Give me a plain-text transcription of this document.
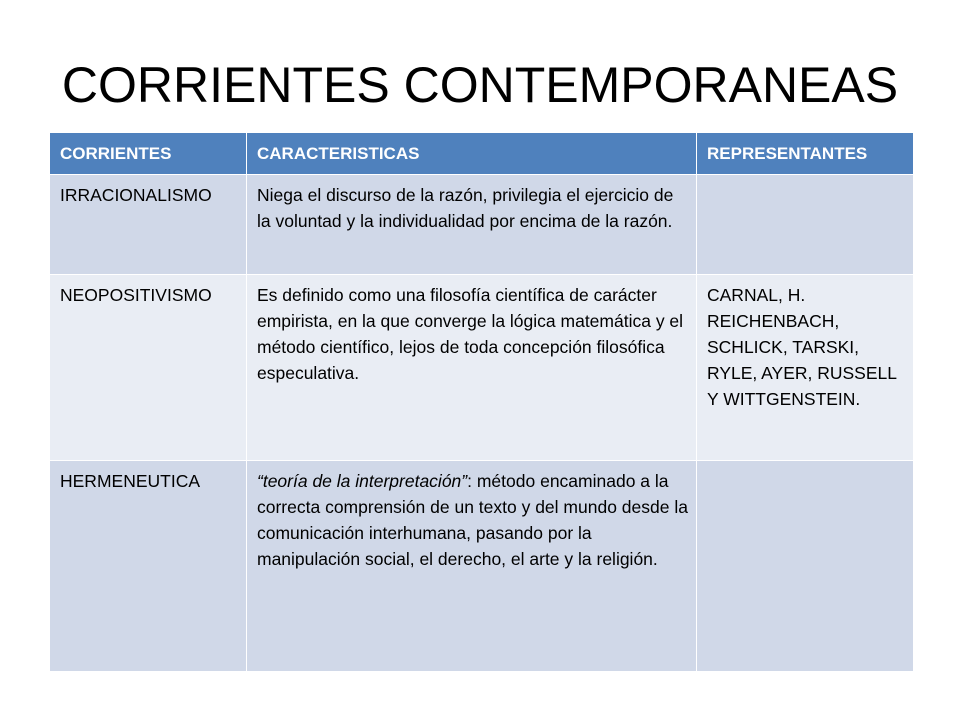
CORRIENTES CONTEMPORANEAS
CORRIENTES	CARACTERISTICAS	REPRESENTANTES
IRRACIONALISMO	Niega el discurso de la razón, privilegia el ejercicio de la voluntad y la individualidad por encima de la razón.	
NEOPOSITIVISMO	Es definido como una filosofía científica de carácter empirista, en la que converge la lógica matemática y el método científico, lejos de toda concepción filosófica especulativa.	CARNAL, H. REICHENBACH, SCHLICK, TARSKI, RYLE, AYER, RUSSELL Y WITTGENSTEIN.
HERMENEUTICA	“teoría de la interpretación”: método encaminado a la correcta comprensión de un texto y del mundo desde la comunicación interhumana, pasando por la manipulación social, el derecho, el arte y la religión.	
